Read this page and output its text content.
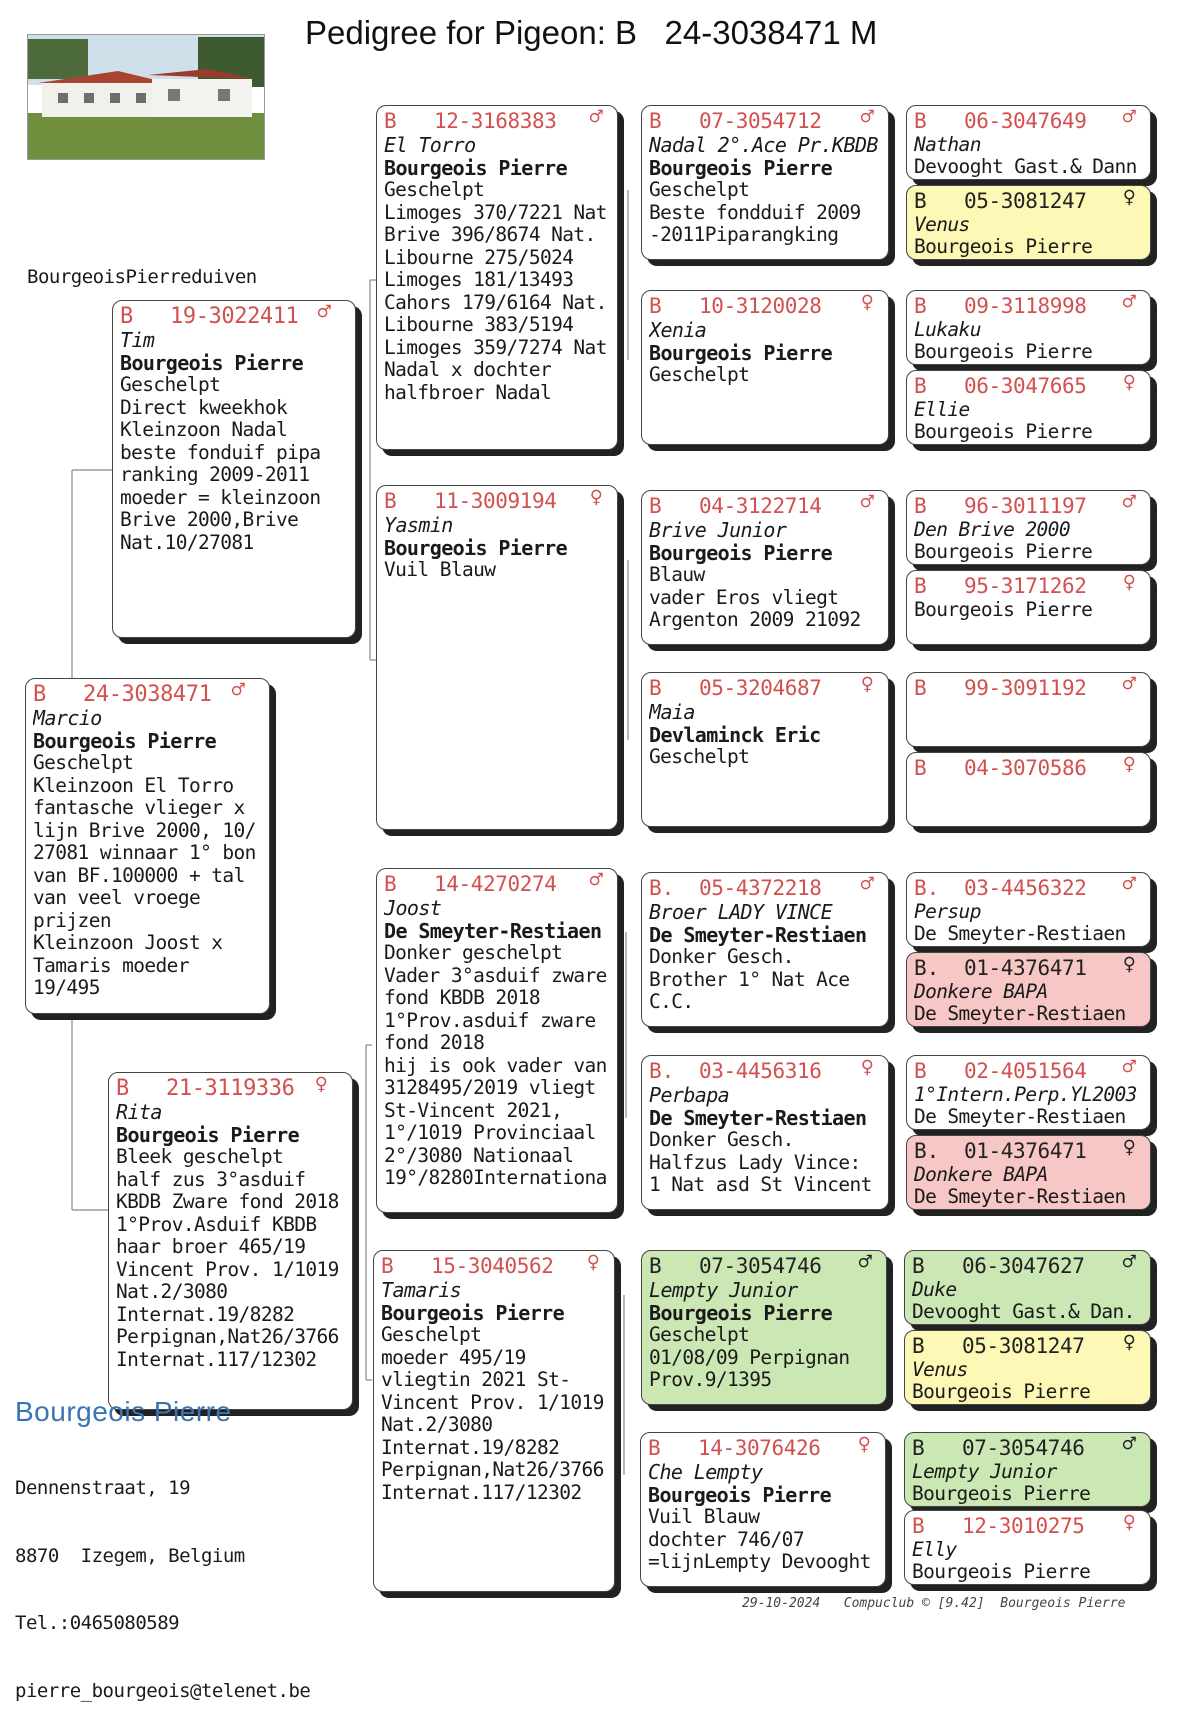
Pedigree for Pigeon: B   24-3038471 M
BourgeoisPierreduiven

B

24-3038471

♂

Marcio
Bourgeois Pierre
Geschelpt
Kleinzoon El Torro
fantasche vlieger x
lijn Brive 2000, 10/
27081 winnaar 1° bon
van BF.100000 + tal
van veel vroege
prijzen
Kleinzoon Joost x
Tamaris moeder
19/495

B

19-3022411

♂

Tim
Bourgeois Pierre
Geschelpt
Direct kweekhok
Kleinzoon Nadal
beste fonduif pipa
ranking 2009-2011
moeder = kleinzoon
Brive 2000,Brive
Nat.10/27081

B

21-3119336

♀

Rita
Bourgeois Pierre
Bleek geschelpt
half zus 3°asduif
KBDB Zware fond 2018
1°Prov.Asduif KBDB
haar broer 465/19
Vincent Prov. 1/1019
Nat.2/3080
Internat.19/8282
Perpignan,Nat26/3766
Internat.117/12302

B

12-3168383

♂

El Torro
Bourgeois Pierre
Geschelpt
Limoges 370/7221 Nat
Brive 396/8674 Nat.
Libourne 275/5024
Limoges 181/13493
Cahors 179/6164 Nat.
Libourne 383/5194
Limoges 359/7274 Nat
Nadal x dochter
halfbroer Nadal

B

11-3009194

♀

Yasmin
Bourgeois Pierre
Vuil Blauw

B

14-4270274

♂

Joost
De Smeyter-Restiaen
Donker geschelpt
Vader 3°asduif zware
fond KBDB 2018
1°Prov.asduif zware
fond 2018
hij is ook vader van
3128495/2019 vliegt
St-Vincent 2021,
1°/1019 Provinciaal
2°/3080 Nationaal
19°/8280Internationa

B

15-3040562

♀

Tamaris
Bourgeois Pierre
Geschelpt
moeder 495/19
vliegtin 2021 St-
Vincent Prov. 1/1019
Nat.2/3080
Internat.19/8282
Perpignan,Nat26/3766
Internat.117/12302

B

07-3054712

♂

Nadal 2°.Ace Pr.KBDB
Bourgeois Pierre
Geschelpt
Beste fondduif 2009
-2011Piparangking

B

10-3120028

♀

Xenia
Bourgeois Pierre
Geschelpt

B

04-3122714

♂

Brive Junior
Bourgeois Pierre
Blauw
vader Eros vliegt
Argenton 2009 21092

B

05-3204687

♀

Maia
Devlaminck Eric
Geschelpt

B.

05-4372218

♂

Broer LADY VINCE
De Smeyter-Restiaen
Donker Gesch.
Brother 1° Nat Ace
C.C.

B.

03-4456316

♀

Perbapa
De Smeyter-Restiaen
Donker Gesch.
Halfzus Lady Vince:
1 Nat asd St Vincent

B

07-3054746

♂

Lempty Junior
Bourgeois Pierre
Geschelpt
01/08/09 Perpignan
Prov.9/1395

B

14-3076426

♀

Che Lempty
Bourgeois Pierre
Vuil Blauw
dochter 746/07
=lijnLempty Devooght

B

06-3047649

♂

Nathan
Devooght Gast.& Dann

B

05-3081247

♀

Venus
Bourgeois Pierre

B

09-3118998

♂

Lukaku
Bourgeois Pierre

B

06-3047665

♀

Ellie
Bourgeois Pierre

B

96-3011197

♂

Den Brive 2000
Bourgeois Pierre

B

95-3171262

♀

Bourgeois Pierre

B

99-3091192

♂

B

04-3070586

♀

B.

03-4456322

♂

Persup
De Smeyter-Restiaen

B.

01-4376471

♀

Donkere BAPA
De Smeyter-Restiaen

B

02-4051564

♂

1°Intern.Perp.YL2003
De Smeyter-Restiaen

B.

01-4376471

♀

Donkere BAPA
De Smeyter-Restiaen

B

06-3047627

♂

Duke
Devooght Gast.& Dan.

B

05-3081247

♀

Venus
Bourgeois Pierre

B

07-3054746

♂

Lempty Junior
Bourgeois Pierre

B

12-3010275

♀

Elly
Bourgeois Pierre
Bourgeois Pierre

Dennenstraat, 19

8870  Izegem, Belgium

Tel.:0465080589

pierre_bourgeois@telenet.be

29-10-2024   Compuclub © [9.42]  Bourgeois Pierre
